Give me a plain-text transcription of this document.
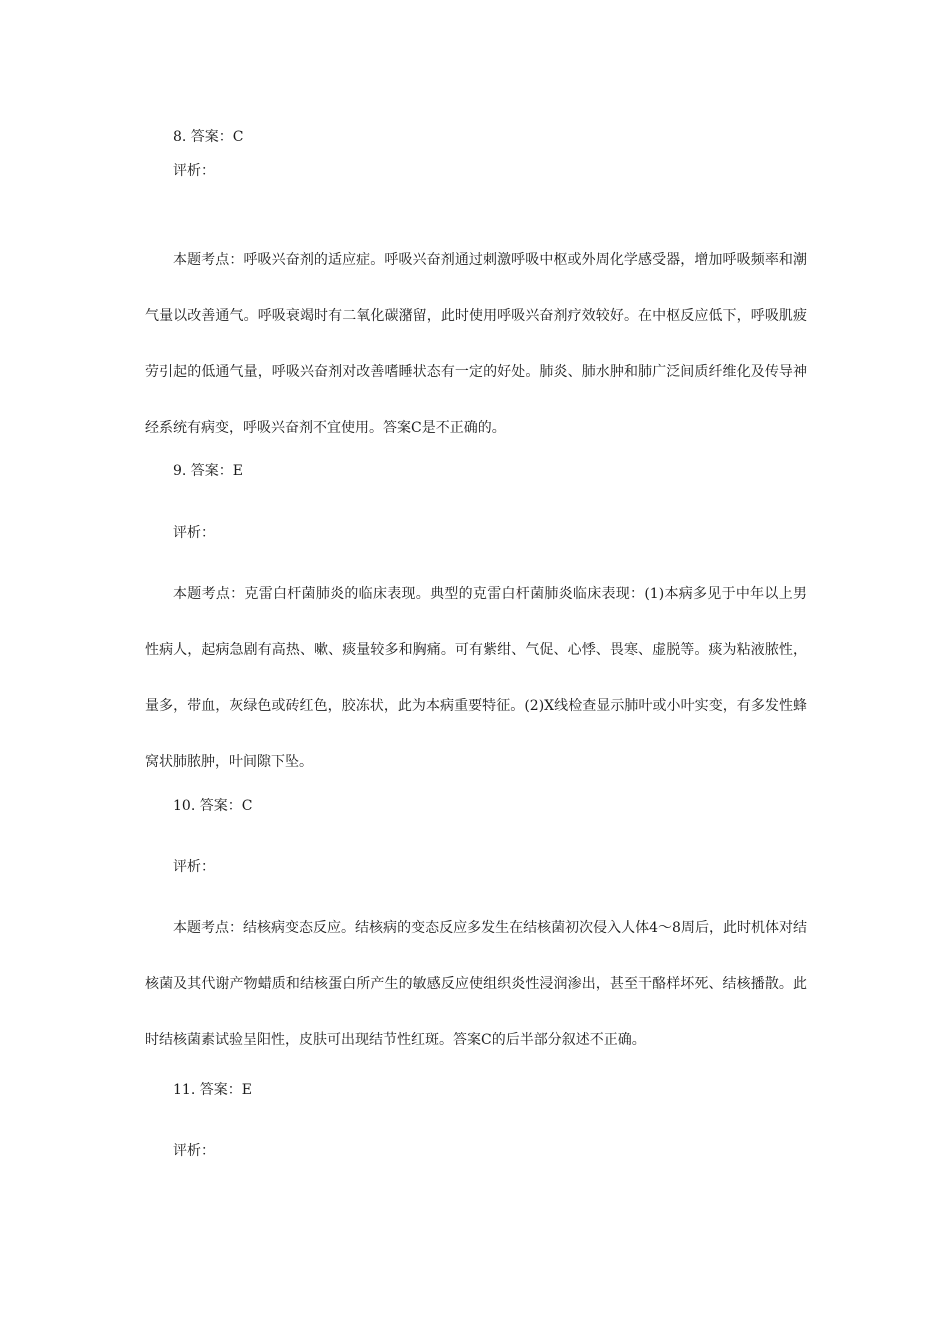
8. 答案：C
评析：

本题考点：呼吸兴奋剂的适应症。呼吸兴奋剂通过刺激呼吸中枢或外周化学感受器，增加呼吸频率和潮气量以改善通气。呼吸衰竭时有二氧化碳潴留，此时使用呼吸兴奋剂疗效较好。在中枢反应低下，呼吸肌疲劳引起的低通气量，呼吸兴奋剂对改善嗜睡状态有一定的好处。肺炎、肺水肿和肺广泛间质纤维化及传导神经系统有病变，呼吸兴奋剂不宜使用。答案C是不正确的。

9. 答案：E
评析：

本题考点：克雷白杆菌肺炎的临床表现。典型的克雷白杆菌肺炎临床表现：(1)本病多见于中年以上男性病人，起病急剧有高热、嗽、痰量较多和胸痛。可有紫绀、气促、心悸、畏寒、虚脱等。痰为粘液脓性，量多，带血，灰绿色或砖红色，胶冻状，此为本病重要特征。(2)X线检查显示肺叶或小叶实变，有多发性蜂窝状肺脓肿，叶间隙下坠。

10. 答案：C
评析：

本题考点：结核病变态反应。结核病的变态反应多发生在结核菌初次侵入人体4～8周后，此时机体对结核菌及其代谢产物蜡质和结核蛋白所产生的敏感反应使组织炎性浸润渗出，甚至干酪样坏死、结核播散。此时结核菌素试验呈阳性，皮肤可出现结节性红斑。答案C的后半部分叙述不正确。

11. 答案：E
评析：
